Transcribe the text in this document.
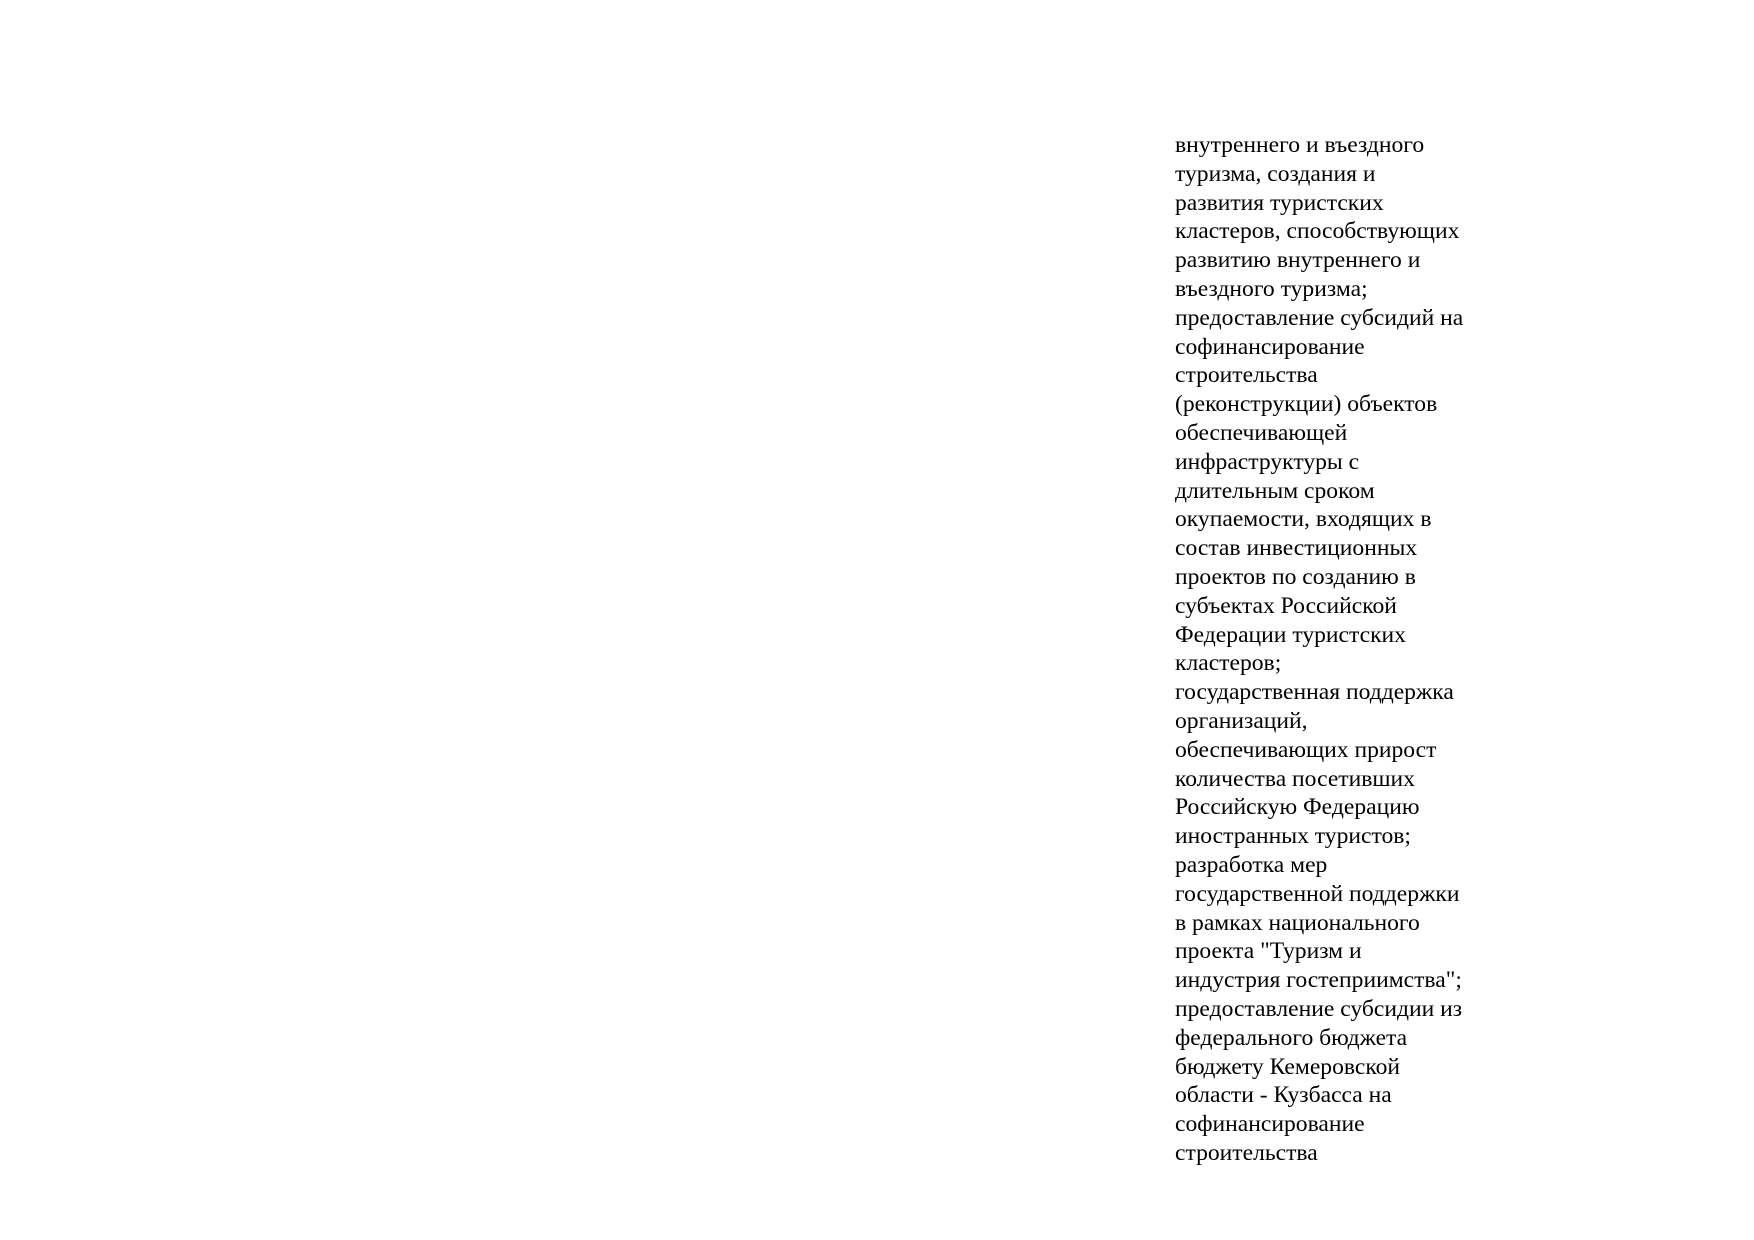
внутреннего и въездного
туризма, создания и
развития туристских
кластеров, способствующих
развитию внутреннего и
въездного туризма;
предоставление субсидий на
софинансирование
строительства
(реконструкции) объектов
обеспечивающей
инфраструктуры с
длительным сроком
окупаемости, входящих в
состав инвестиционных
проектов по созданию в
субъектах Российской
Федерации туристских
кластеров;
государственная поддержка
организаций,
обеспечивающих прирост
количества посетивших
Российскую Федерацию
иностранных туристов;
разработка мер
государственной поддержки
в рамках национального
проекта "Туризм и
индустрия гостеприимства";
предоставление субсидии из
федерального бюджета
бюджету Кемеровской
области - Кузбасса на
софинансирование
строительства
